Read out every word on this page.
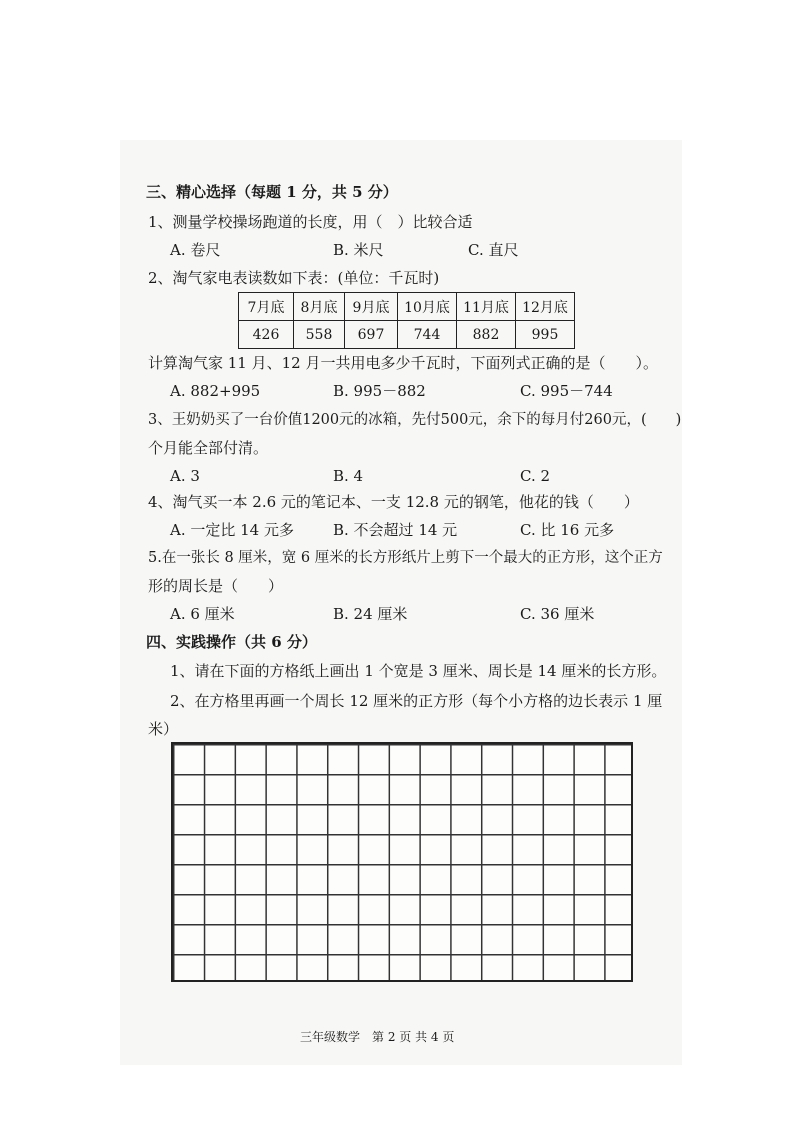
三、精心选择（每题 1 分，共 5 分）
1、测量学校操场跑道的长度，用（　）比较合适
A. 卷尺	B. 米尺	C. 直尺
2、淘气家电表读数如下表：(单位：千瓦时)
7月底	8月底	9月底	10月底	11月底	12月底
426	558	697	744	882	995
计算淘气家 11 月、12 月一共用电多少千瓦时，下面列式正确的是（　　）。
A. 882+995	B. 995－882	C. 995－744
3、王奶奶买了一台价值1200元的冰箱，先付500元，余下的每月付260元，(　　)
个月能全部付清。
A. 3	B. 4	C. 2
4、淘气买一本 2.6 元的笔记本、一支 12.8 元的钢笔，他花的钱（　　）
A. 一定比 14 元多	B. 不会超过 14 元	C. 比 16 元多
5.在一张长 8 厘米，宽 6 厘米的长方形纸片上剪下一个最大的正方形，这个正方
形的周长是（　　）
A. 6 厘米	B. 24 厘米	C. 36 厘米
四、实践操作（共 6 分）
1、请在下面的方格纸上画出 1 个宽是 3 厘米、周长是 14 厘米的长方形。
2、在方格里再画一个周长 12 厘米的正方形（每个小方格的边长表示 1 厘
米）
三年级数学　第 2 页 共 4 页
